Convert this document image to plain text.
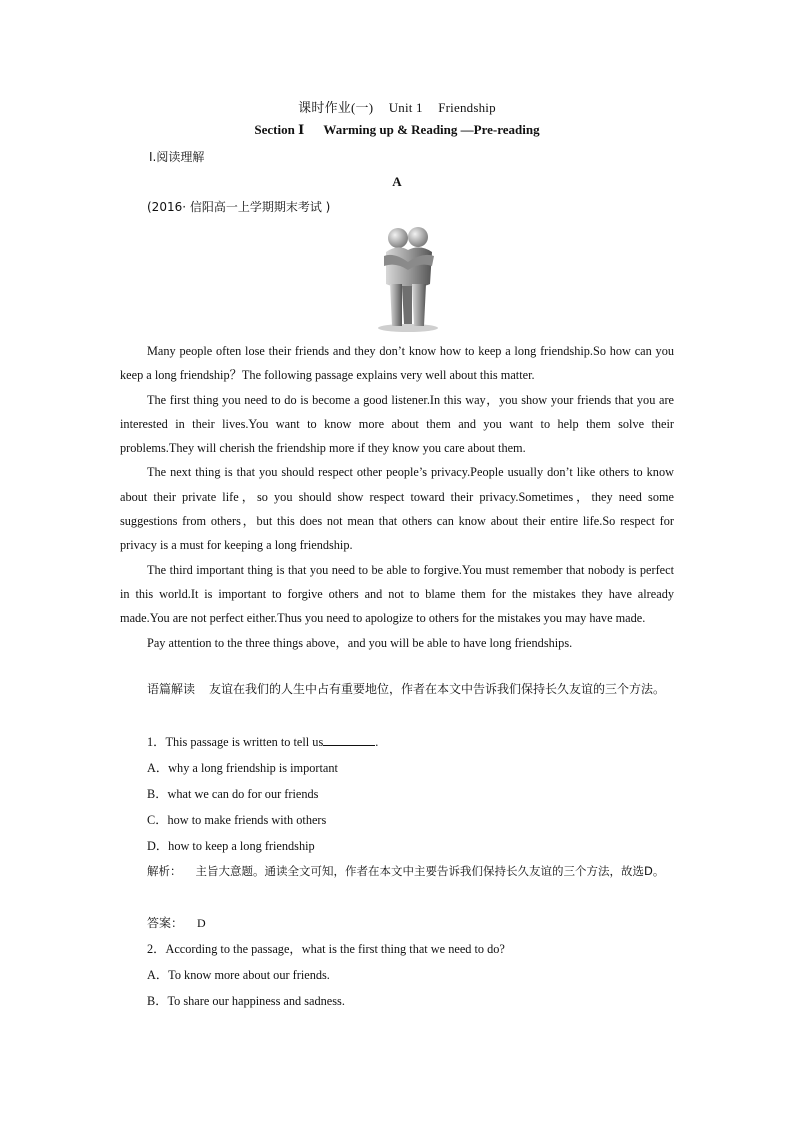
课时作业(一) Unit 1 Friendship
Section Ⅰ Warming up & Reading —Pre-reading
Ⅰ.阅读理解
A
(2016· 信阳高一上学期期末考试 )

Many people often lose their friends and they don’t know how to keep a long friendship.So how can you keep a long friendship？The following passage explains very well about this matter.

The first thing you need to do is become a good listener.In this way，you show your friends that you are interested in their lives.You want to know more about them and you want to help them solve their problems.They will cherish the friendship more if they know you care about them.

The next thing is that you should respect other people’s privacy.People usually don’t like others to know about their private life，so you should show respect toward their privacy.Sometimes，they need some suggestions from others，but this does not mean that others can know about their entire life.So respect for privacy is a must for keeping a long friendship.

The third important thing is that you need to be able to forgive.You must remember that nobody is perfect in this world.It is important to forgive others and not to blame them for the mistakes they have already made.You are not perfect either.Thus you need to apologize to others for the mistakes you may have made.

Pay attention to the three things above，and you will be able to have long friendships.

语篇解读 友谊在我们的人生中占有重要地位，作者在本文中告诉我们保持长久友谊的三个方法。

1．This passage is written to tell us	.
A．why a long friendship is important
B．what we can do for our friends
C．how to make friends with others
D．how to keep a long friendship

解析： 主旨大意题。通读全文可知，作者在本文中主要告诉我们保持长久友谊的三个方法，故选D。

答案： D
2．According to the passage，what is the first thing that we need to do?
A．To know more about our friends.
B．To share our happiness and sadness.
